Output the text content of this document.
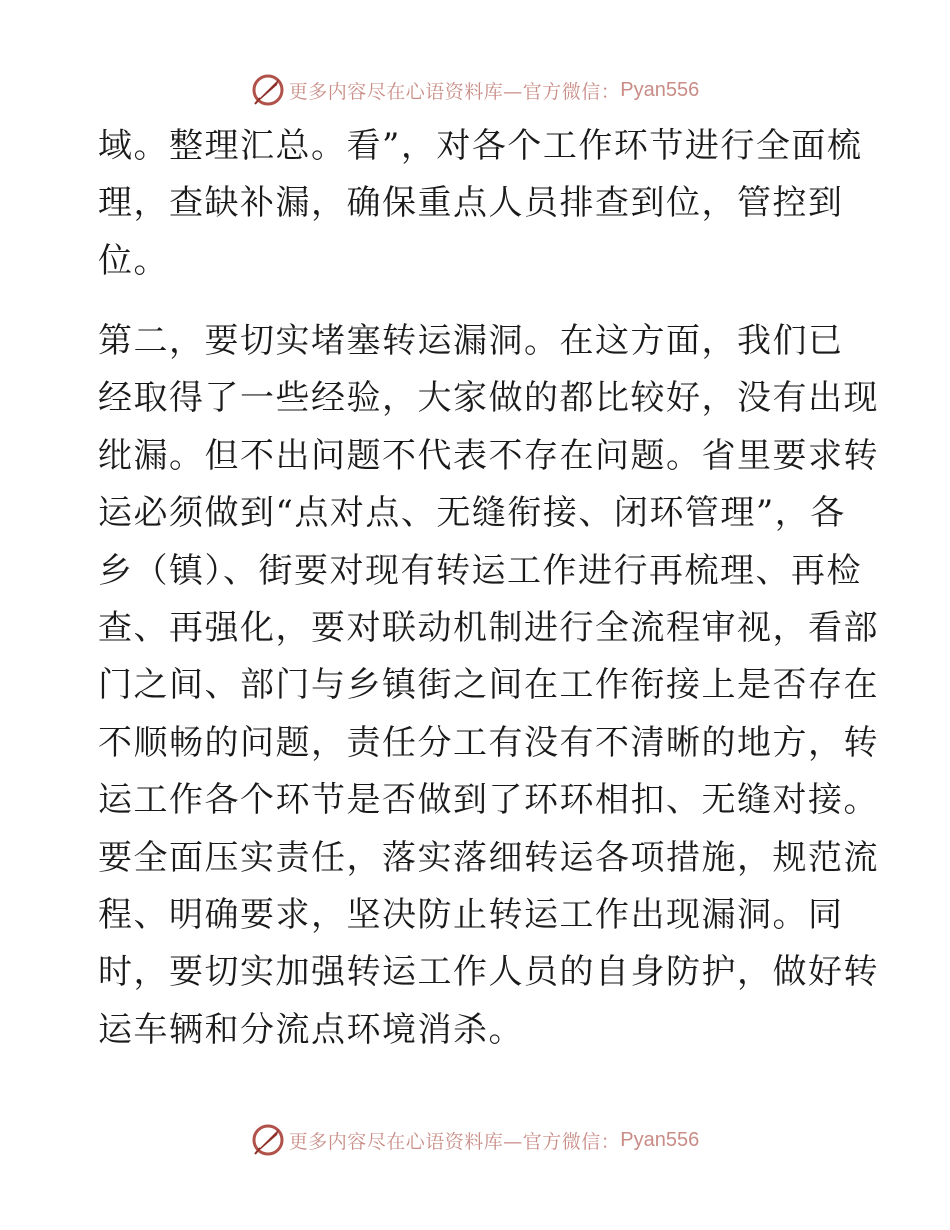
更多内容尽在心语资料库—官方微信： Pyan556
域。整理汇总。看”，对各个工作环节进行全面梳
理，查缺补漏，确保重点人员排查到位，管控到
位。
第二，要切实堵塞转运漏洞。在这方面，我们已
经取得了一些经验，大家做的都比较好，没有出现
纰漏。但不出问题不代表不存在问题。省里要求转
运必须做到“点对点、无缝衔接、闭环管理”，各
乡（镇）、街要对现有转运工作进行再梳理、再检
查、再强化，要对联动机制进行全流程审视，看部
门之间、部门与乡镇街之间在工作衔接上是否存在
不顺畅的问题，责任分工有没有不清晰的地方，转
运工作各个环节是否做到了环环相扣、无缝对接。
要全面压实责任，落实落细转运各项措施，规范流
程、明确要求，坚决防止转运工作出现漏洞。同
时，要切实加强转运工作人员的自身防护，做好转
运车辆和分流点环境消杀。
更多内容尽在心语资料库—官方微信： Pyan556
